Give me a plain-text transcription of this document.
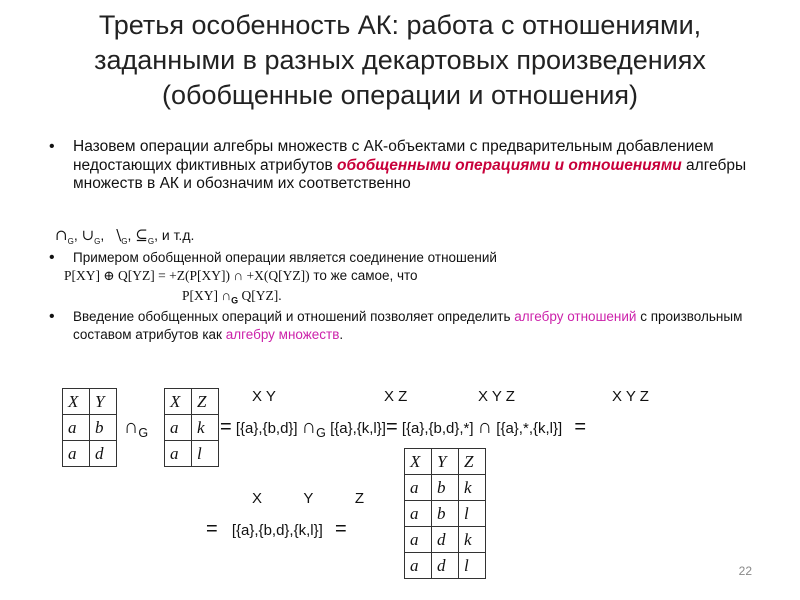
Третья особенность АК: работа с отношениями,
заданными в разных декартовых произведениях
(обобщенные операции и отношения)
• Назовем операции алгебры множеств с АК-объектами с предварительным добавлением недостающих фиктивных атрибутов обобщенными операциями и отношениями алгебры множеств в АК и обозначим их соответственно
$\cap_G$, $\cup_G$, $\backslash_G$, $⊆_G$, и т.д.
• Примером обобщенной операции является соединение отношений
P[XY] ⊕ Q[YZ] = +Z(P[XY]) ∩ +X(Q[YZ]) то же самое, что
P[XY] $\cap_G$ Q[YZ].
• Введение обобщенных операций и отношений позволяет определить алгебру отношений с произвольным составом атрибутов как алгебру множеств.
X	Y
a	b
a	d
$\cap_G$
X	Z
a	k
a	l
X Y	X Z	X Y Z	X Y Z
= [{a},{b,d}] $\cap_G$ [{a},{k,l}]= [{a},{b,d},*] ∩ [{a},*,{k,l}] =
X	Y	Z
a	b	k
a	b	l
a	d	k
a	d	l
X          Y          Z
= [{a},{b,d},{k,l}] =
22
